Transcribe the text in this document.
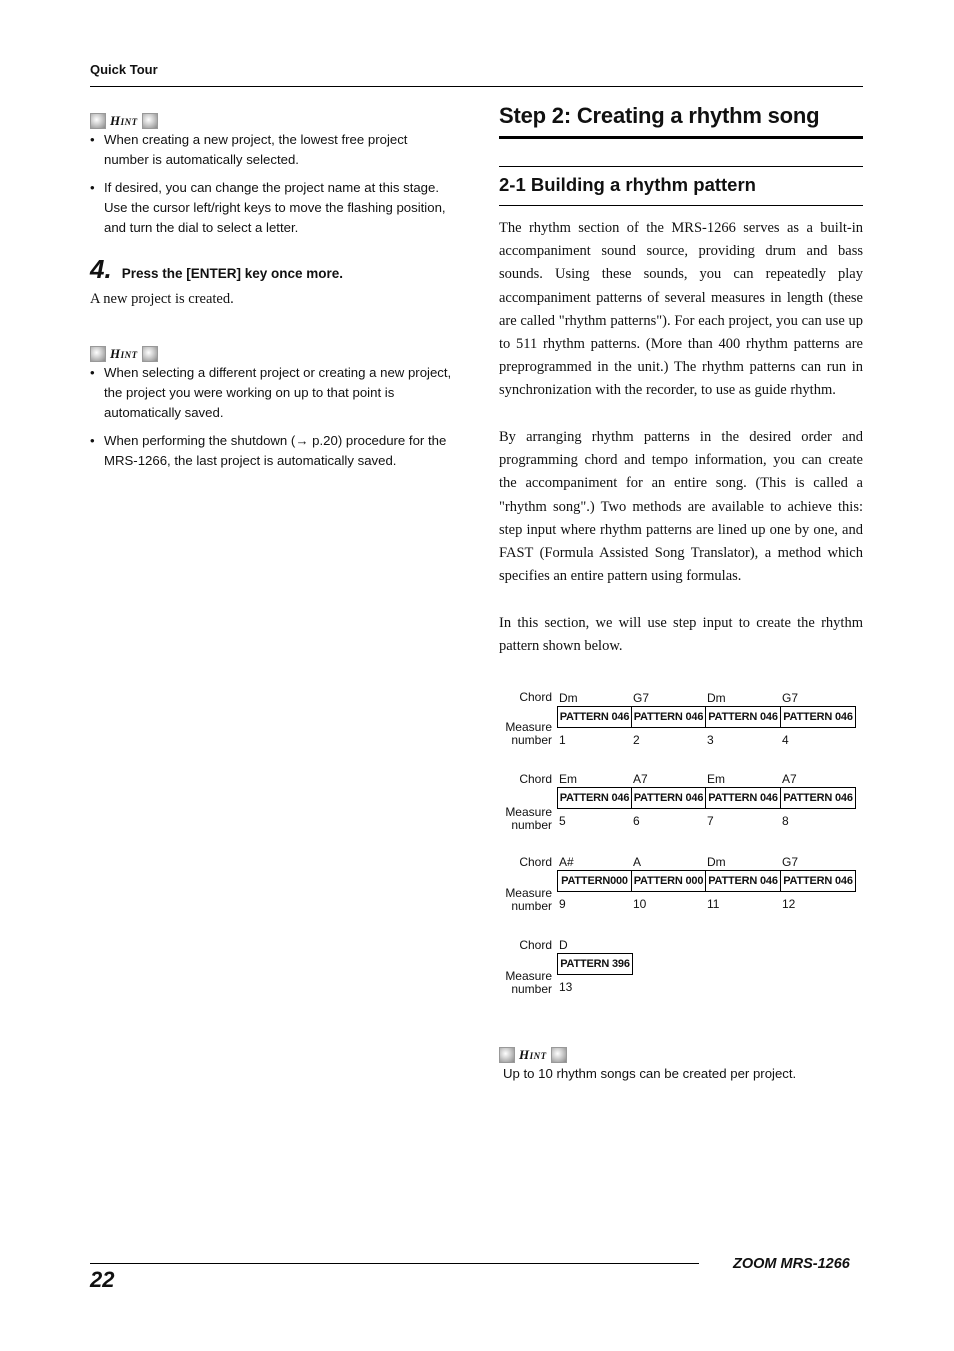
Quick Tour
Hint
• When creating a new project, the lowest free project number is automatically selected.
• If desired, you can change the project name at this stage. Use the cursor left/right keys to move the flashing position, and turn the dial to select a letter.
4. Press the [ENTER] key once more.
A new project is created.
Hint
• When selecting a different project or creating a new project, the project you were working on up to that point is automatically saved.
• When performing the shutdown (→ p.20) procedure for the MRS-1266, the last project is automatically saved.
Step 2: Creating a rhythm song
2-1 Building a rhythm pattern
The rhythm section of the MRS-1266 serves as a built-in accompaniment sound source, providing drum and bass sounds. Using these sounds, you can repeatedly play accompaniment patterns of several measures in length (these are called "rhythm patterns"). For each project, you can use up to 511 rhythm patterns. (More than 400 rhythm patterns are preprogrammed in the unit.) The rhythm patterns can run in synchronization with the recorder, to use as guide rhythm.
By arranging rhythm patterns in the desired order and programming chord and tempo information, you can create the accompaniment for an entire song. (This is called a "rhythm song".) Two methods are available to achieve this: step input where rhythm patterns are lined up one by one, and FAST (Formula Assisted Song Translator), a method which specifies an entire pattern using formulas.
In this section, we will use step input to create the rhythm pattern shown below.
Chord
Measure
number
Dm	G7	Dm	G7
PATTERN 046 PATTERN 046 PATTERN 046 PATTERN 046
1	2	3	4
Chord
Measure
number
Em	A7	Em	A7
PATTERN 046 PATTERN 046 PATTERN 046 PATTERN 046
5	6	7	8
Chord
Measure
number
A#	A	Dm	G7
PATTERN000 PATTERN 000 PATTERN 046 PATTERN 046
9	10	11	12
Chord
Measure
number
D
PATTERN 396
13
Hint
Up to 10 rhythm songs can be created per project.
22
ZOOM MRS-1266
